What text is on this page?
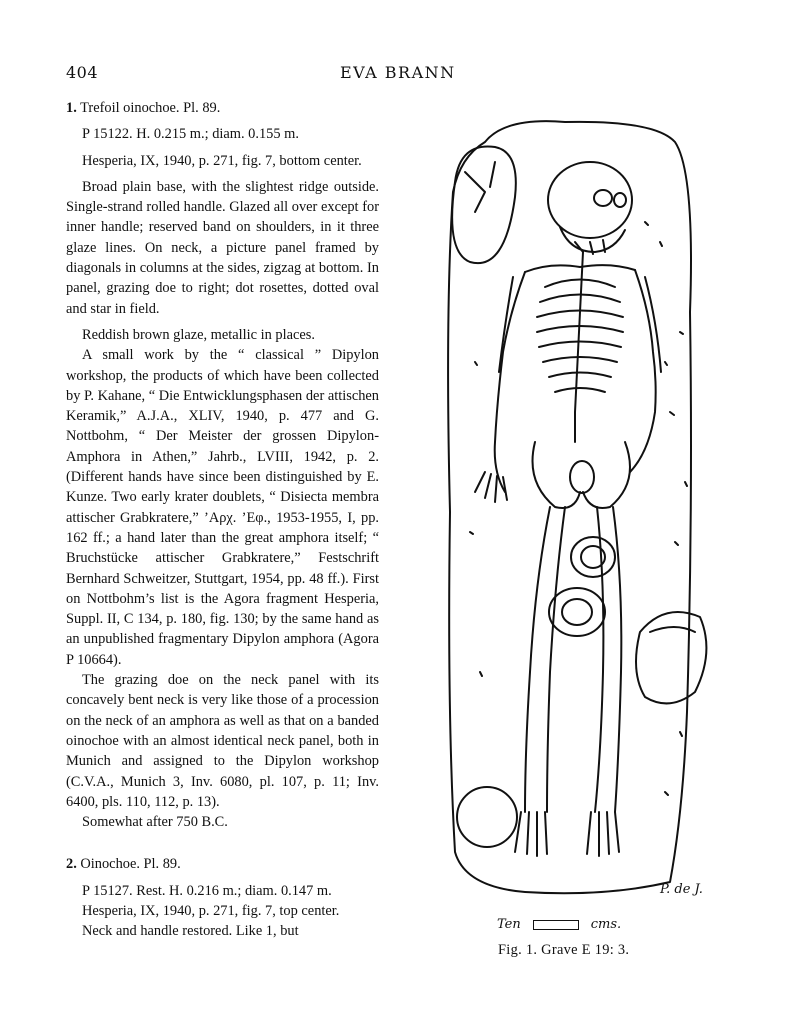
404	EVA BRANN

1. Trefoil oinochoe. Pl. 89.

P 15122. H. 0.215 m.; diam. 0.155 m.

Hesperia, IX, 1940, p. 271, fig. 7, bottom center.

Broad plain base, with the slightest ridge outside. Single-strand rolled handle. Glazed all over except for inner handle; reserved band on shoulders, in it three glaze lines. On neck, a picture panel framed by diagonals in columns at the sides, zigzag at bottom. In panel, grazing doe to right; dot rosettes, dotted oval and star in field.

Reddish brown glaze, metallic in places.

A small work by the “ classical ” Dipylon workshop, the products of which have been collected by P. Kahane, “ Die Entwicklungsphasen der attischen Keramik,” A.J.A., XLIV, 1940, p. 477 and G. Nottbohm, “ Der Meister der grossen Dipylon-Amphora in Athen,” Jahrb., LVIII, 1942, p. 2. (Different hands have since been distinguished by E. Kunze. Two early krater doublets, “ Disiecta membra attischer Grabkratere,” ’Aρχ. ’Eφ., 1953-1955, I, pp. 162 ff.; a hand later than the great amphora itself; “ Bruchstücke attischer Grabkratere,” Festschrift Bernhard Schweitzer, Stuttgart, 1954, pp. 48 ff.). First on Nottbohm’s list is the Agora fragment Hesperia, Suppl. II, C 134, p. 180, fig. 130; by the same hand as an unpublished fragmentary Dipylon amphora (Agora P 10664).

The grazing doe on the neck panel with its concavely bent neck is very like those of a procession on the neck of an amphora as well as that on a banded oinochoe with an almost identical neck panel, both in Munich and assigned to the Dipylon workshop (C.V.A., Munich 3, Inv. 6080, pl. 107, p. 11; Inv. 6400, pls. 110, 112, p. 13).

Somewhat after 750 B.C.

2. Oinochoe. Pl. 89.

P 15127. Rest. H. 0.216 m.; diam. 0.147 m.

Hesperia, IX, 1940, p. 271, fig. 7, top center.

Neck and handle restored. Like 1, but

P. de J.
Ten	cms.
Fig. 1. Grave E 19: 3.
